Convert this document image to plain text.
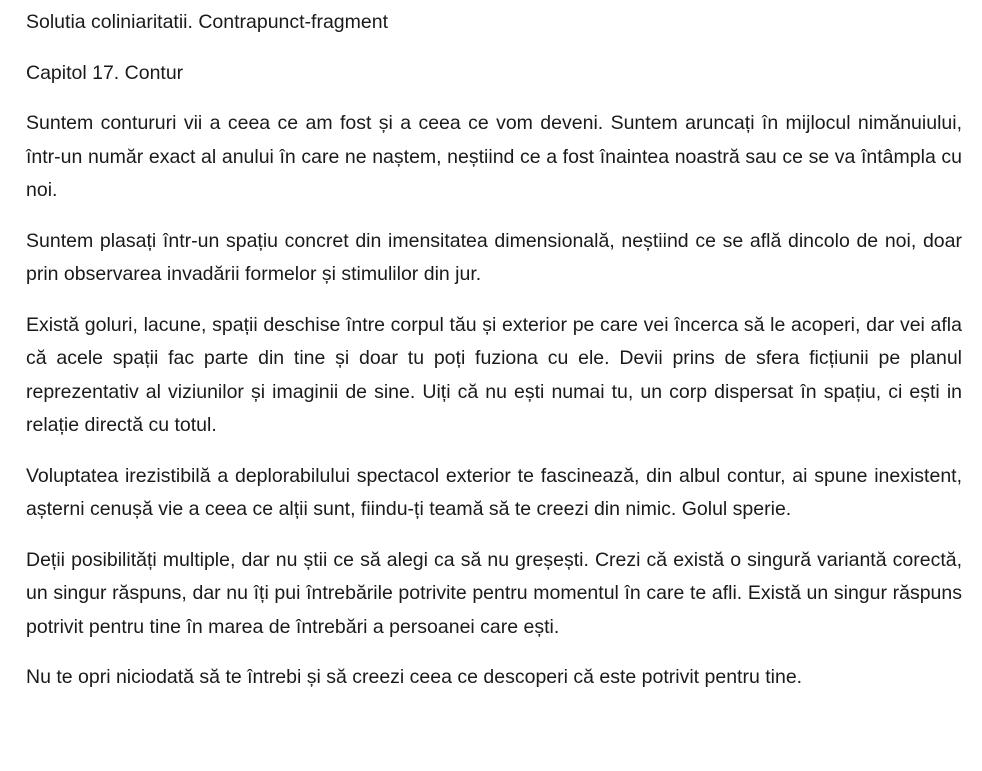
Solutia coliniaritatii. Contrapunct-fragment

Capitol 17. Contur

Suntem contururi vii a ceea ce am fost și a ceea ce vom deveni. Suntem aruncați în mijlocul nimănuiului, într-un număr exact al anului în care ne naștem, neștiind ce a fost înaintea noastră sau ce se va întâmpla cu noi.

Suntem plasați într-un spațiu concret din imensitatea dimensională, neștiind ce se află dincolo de noi, doar prin observarea invadării formelor și stimulilor din jur.

Există goluri, lacune, spații deschise între corpul tău și exterior pe care vei încerca să le acoperi, dar vei afla că acele spații fac parte din tine și doar tu poți fuziona cu ele. Devii prins de sfera ficțiunii pe planul reprezentativ al viziunilor și imaginii de sine. Uiți că nu ești numai tu, un corp dispersat în spațiu, ci ești in relație directă cu totul.

Voluptatea irezistibilă a deplorabilului spectacol exterior te fascinează, din albul contur, ai spune inexistent, așterni cenușă vie a ceea ce alții sunt, fiindu-ți teamă să te creezi din nimic. Golul sperie.

Deții posibilități multiple, dar nu știi ce să alegi ca să nu greșești. Crezi că există o singură variantă corectă, un singur răspuns, dar nu îți pui întrebările potrivite pentru momentul în care te afli. Există un singur răspuns potrivit pentru tine în marea de întrebări a persoanei care ești.

Nu te opri niciodată să te întrebi și să creezi ceea ce descoperi că este potrivit pentru tine.
